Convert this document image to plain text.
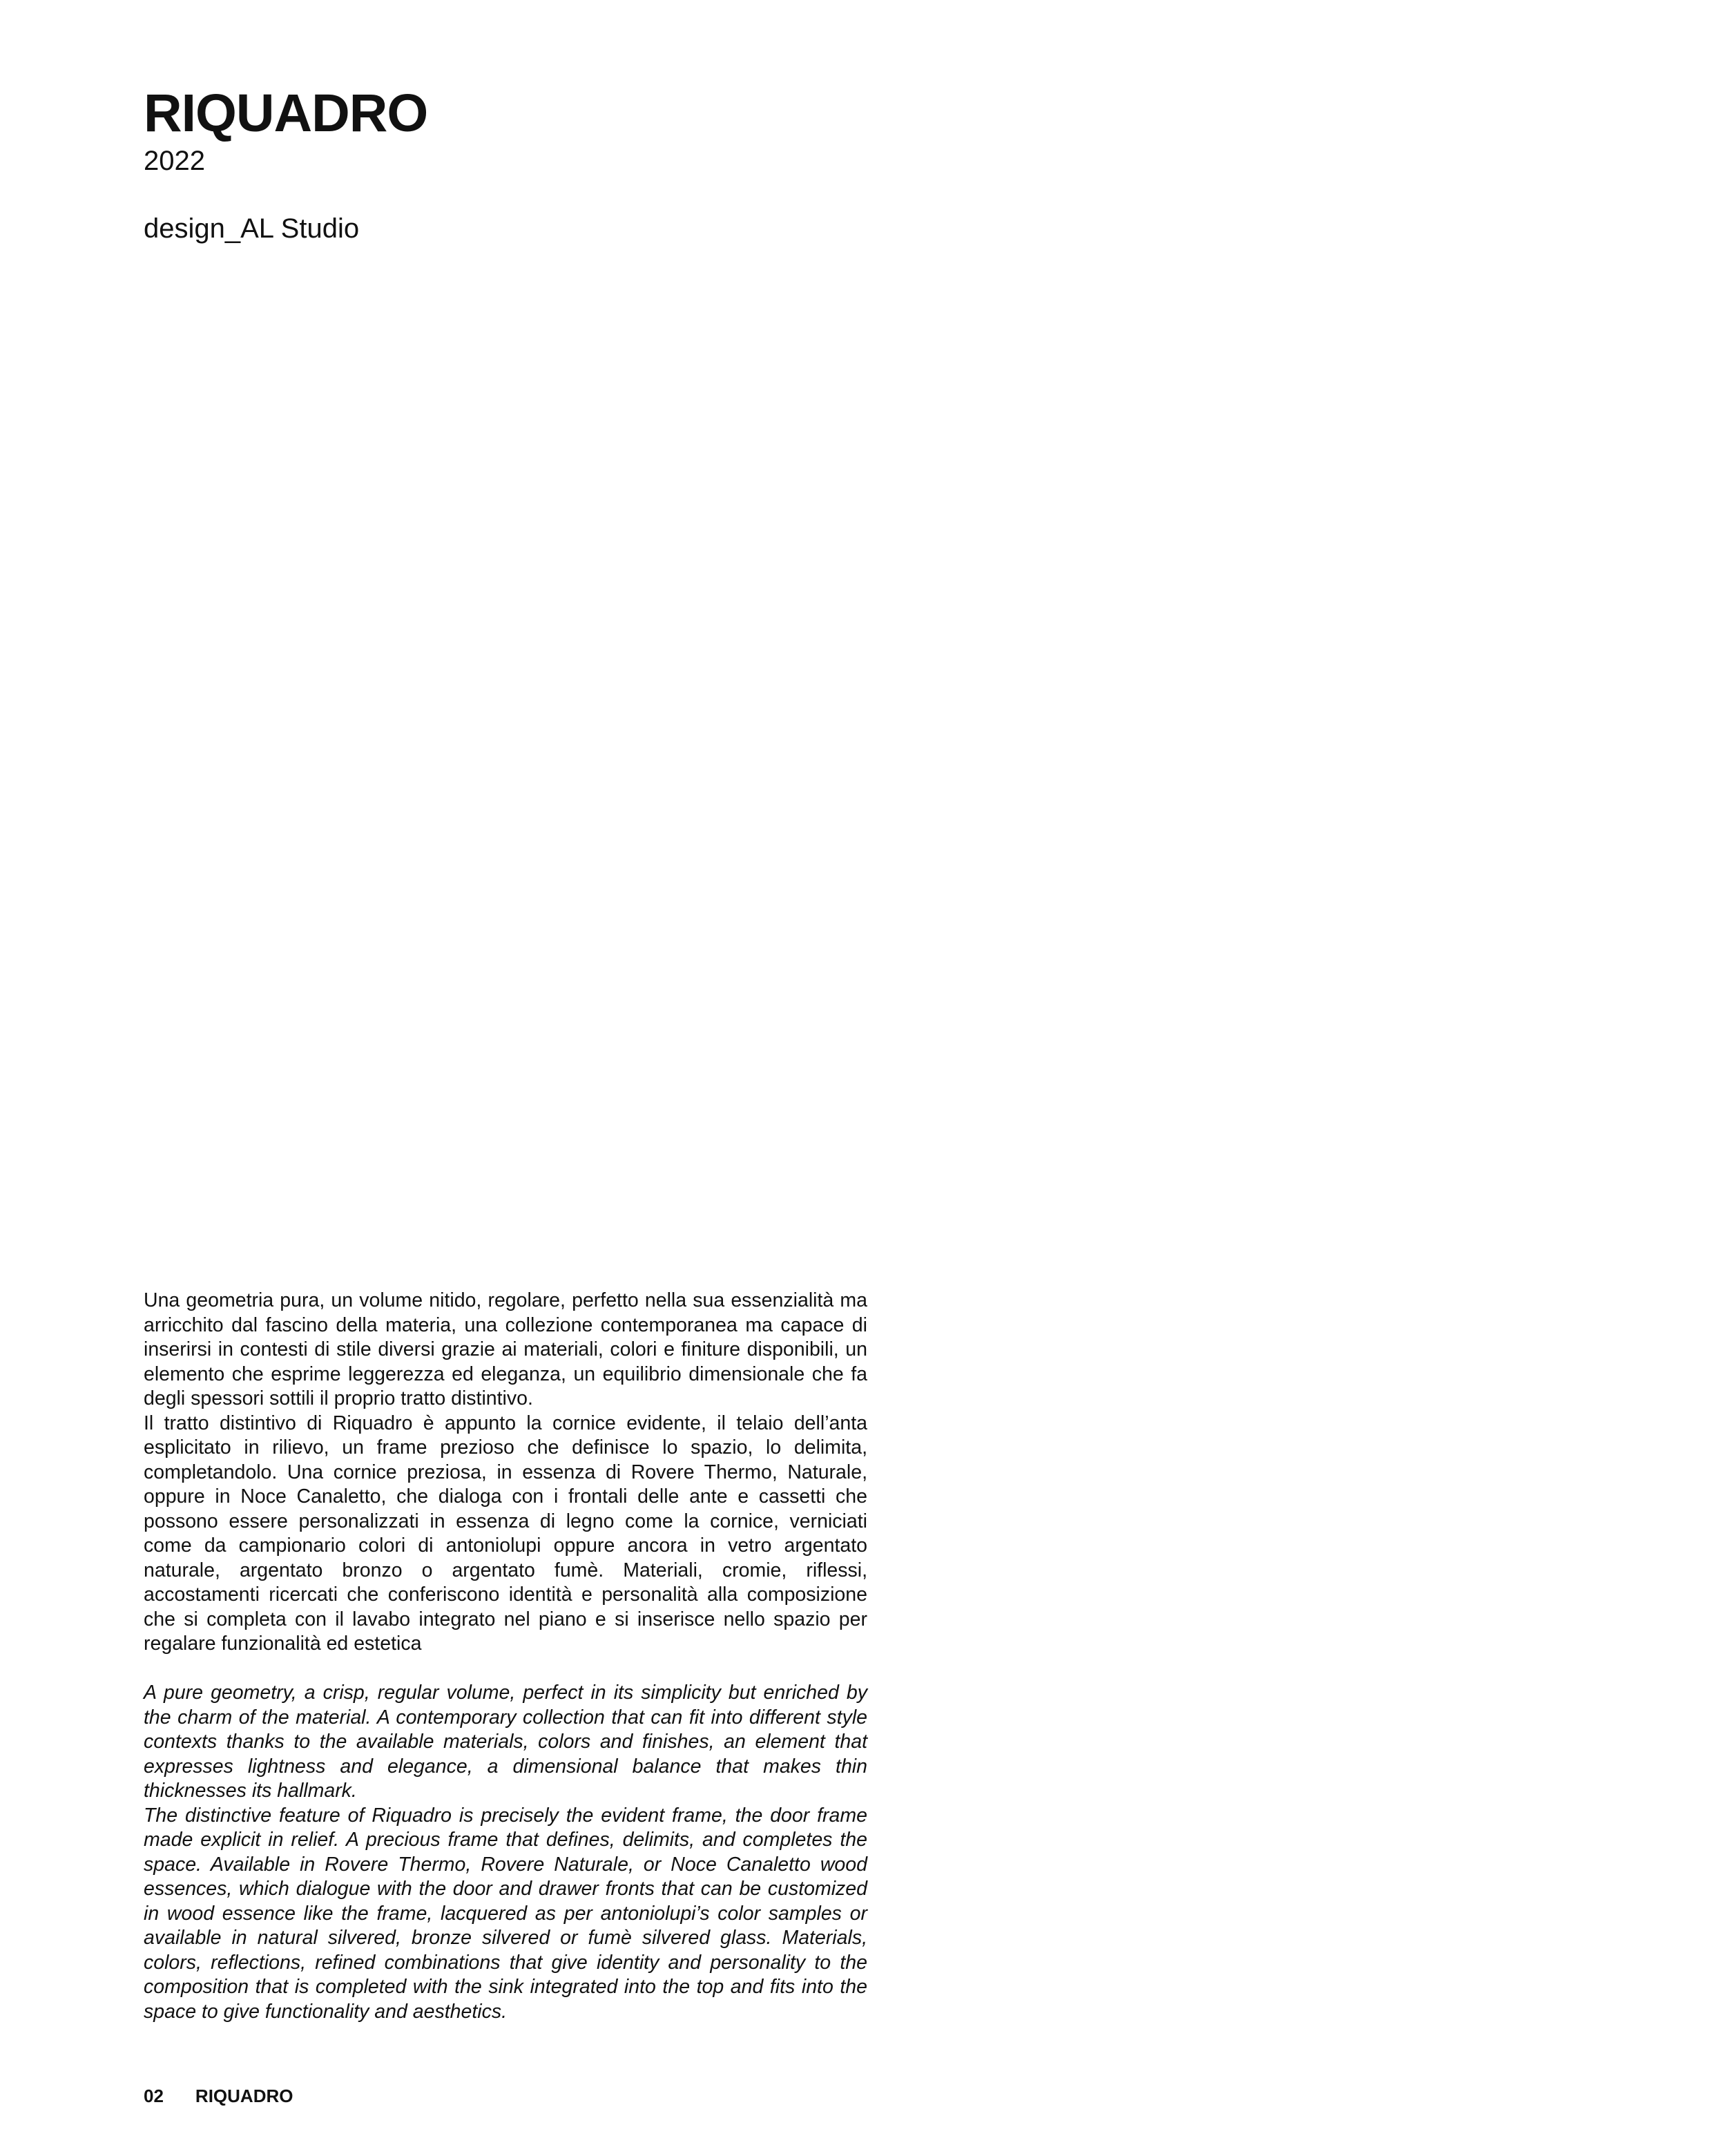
RIQUADRO
2022
design_AL Studio

Una geometria pura, un volume nitido, regolare, perfetto nella sua essenzialità ma arricchito dal fascino della materia, una collezione contemporanea ma capace di inserirsi in contesti di stile diversi grazie ai materiali, colori e finiture disponibili, un elemento che esprime leggerezza ed eleganza, un equilibrio dimensionale che fa degli spessori sottili il proprio tratto distintivo.

Il tratto distintivo di Riquadro è appunto la cornice evidente, il telaio dell’anta esplicitato in rilievo, un frame prezioso che definisce lo spazio, lo delimita, completandolo. Una cornice preziosa, in essenza di Rovere Thermo, Naturale, oppure in Noce Canaletto, che dialoga con i frontali delle ante e cassetti che possono essere personalizzati in essenza di legno come la cornice, verniciati come da campionario colori di antoniolupi oppure ancora in vetro argentato naturale, argentato bronzo o argentato fumè. Materiali, cromie, riflessi, accostamenti ricercati che conferiscono identità e personalità alla composizione che si completa con il lavabo integrato nel piano e si inserisce nello spazio per regalare funzionalità ed estetica

A pure geometry, a crisp, regular volume, perfect in its simplicity but enriched by the charm of the material. A contemporary collection that can fit into different style contexts thanks to the available materials, colors and finishes, an element that expresses lightness and elegance, a dimensional balance that makes thin thicknesses its hallmark.

The distinctive feature of Riquadro is precisely the evident frame, the door frame made explicit in relief. A precious frame that defines, delimits, and completes the space. Available in Rovere Thermo, Rovere Naturale, or Noce Canaletto wood essences, which dialogue with the door and drawer fronts that can be customized in wood essence like the frame, lacquered as per antoniolupi’s color samples or available in natural silvered, bronze silvered or fumè silvered glass. Materials, colors, reflections, refined combinations that give identity and personality to the composition that is completed with the sink integrated into the top and fits into the space to give functionality and aesthetics.

02 RIQUADRO
